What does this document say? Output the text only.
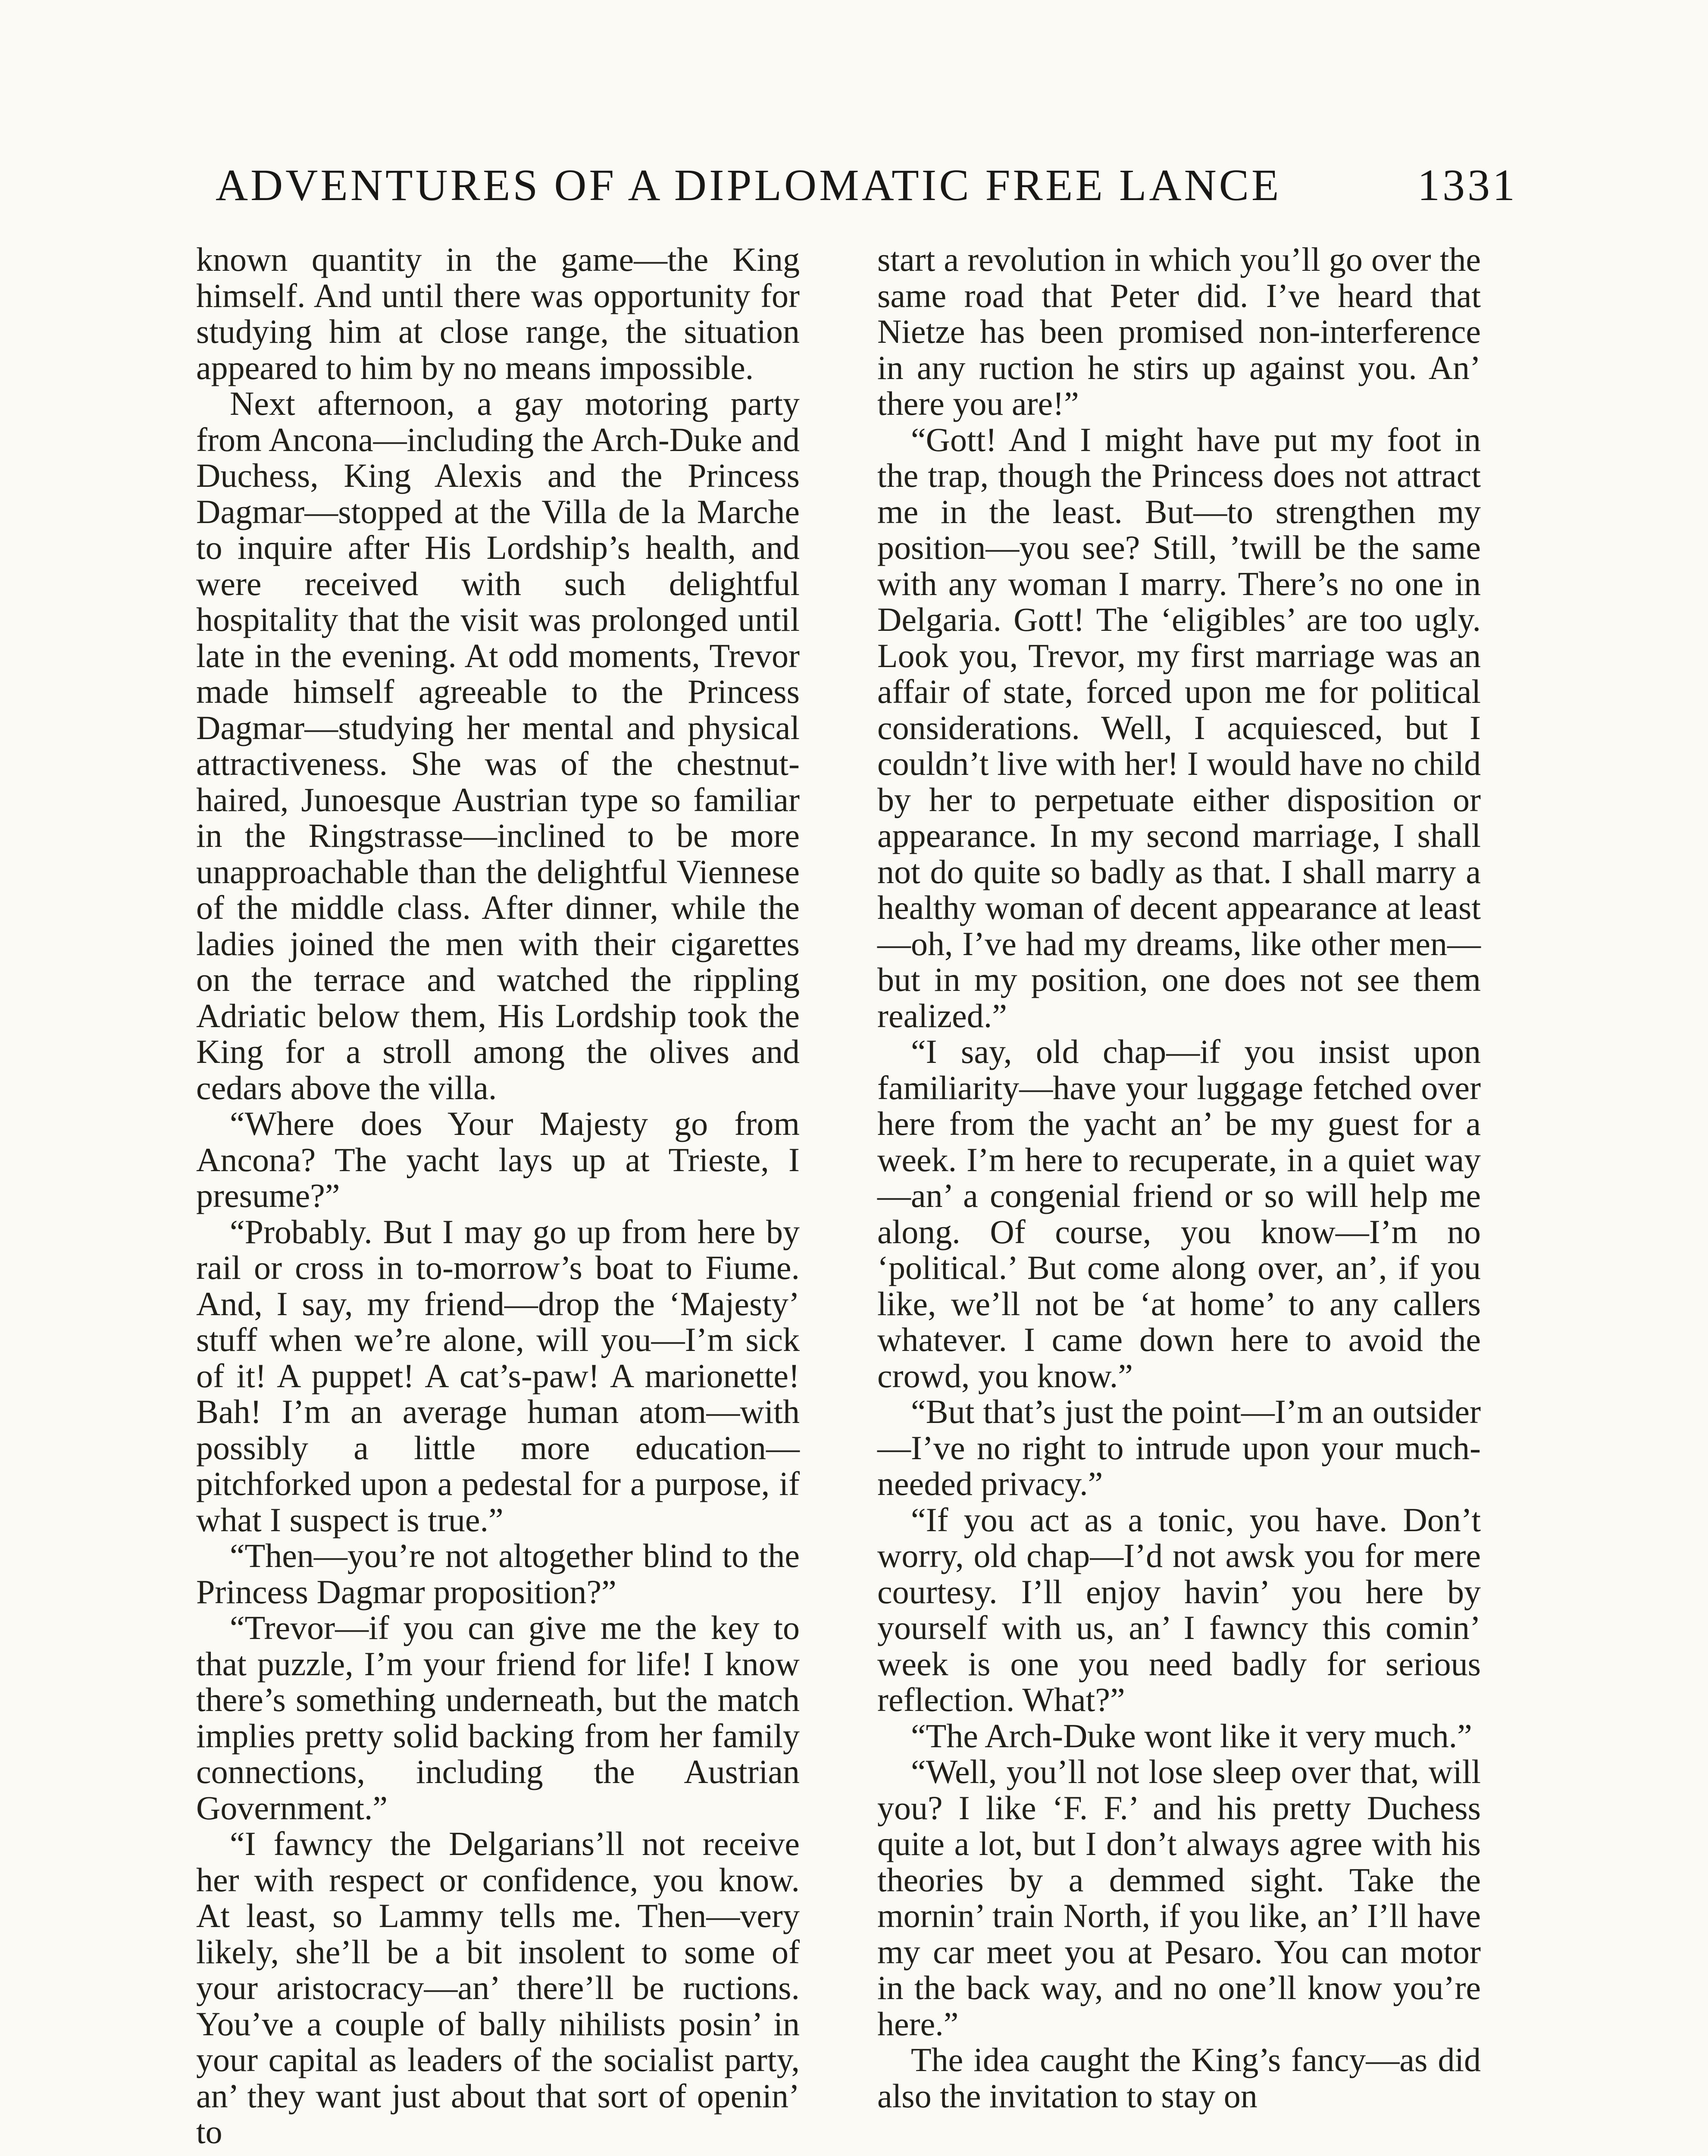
ADVENTURES OF A DIPLOMATIC FREE LANCE	1331

known quantity in the game—the King himself. And until there was opportunity for studying him at close range, the situation appeared to him by no means impossible.

Next afternoon, a gay motoring party from Ancona—including the Arch-Duke and Duchess, King Alexis and the Princess Dagmar—stopped at the Villa de la Marche to inquire after His Lordship’s health, and were received with such delightful hospitality that the visit was prolonged until late in the evening. At odd moments, Trevor made himself agreeable to the Princess Dagmar—studying her mental and physical attractiveness. She was of the chestnut-haired, Junoesque Austrian type so familiar in the Ringstrasse—inclined to be more unapproachable than the delightful Viennese of the middle class. After dinner, while the ladies joined the men with their cigarettes on the terrace and watched the rippling Adriatic below them, His Lordship took the King for a stroll among the olives and cedars above the villa.

“Where does Your Majesty go from Ancona? The yacht lays up at Trieste, I presume?”

“Probably. But I may go up from here by rail or cross in to-morrow’s boat to Fiume. And, I say, my friend—drop the ‘Majesty’ stuff when we’re alone, will you—I’m sick of it! A puppet! A cat’s-paw! A marionette! Bah! I’m an average human atom—with possibly a little more education—pitchforked upon a pedestal for a purpose, if what I suspect is true.”

“Then—you’re not altogether blind to the Princess Dagmar proposition?”

“Trevor—if you can give me the key to that puzzle, I’m your friend for life! I know there’s something underneath, but the match implies pretty solid backing from her family connections, including the Austrian Government.”

“I fawncy the Delgarians’ll not receive her with respect or confidence, you know. At least, so Lammy tells me. Then—very likely, she’ll be a bit insolent to some of your aristocracy—an’ there’ll be ructions. You’ve a couple of bally nihilists posin’ in your capital as leaders of the socialist party, an’ they want just about that sort of openin’ to

start a revolution in which you’ll go over the same road that Peter did. I’ve heard that Nietze has been promised non-interference in any ruction he stirs up against you. An’ there you are!”

“Gott! And I might have put my foot in the trap, though the Princess does not attract me in the least. But—to strengthen my position—you see? Still, ’twill be the same with any woman I marry. There’s no one in Delgaria. Gott! The ‘eligibles’ are too ugly. Look you, Trevor, my first marriage was an affair of state, forced upon me for political considerations. Well, I acquiesced, but I couldn’t live with her! I would have no child by her to perpetuate either disposition or appearance. In my second marriage, I shall not do quite so badly as that. I shall marry a healthy woman of decent appearance at least—oh, I’ve had my dreams, like other men—but in my position, one does not see them realized.”

“I say, old chap—if you insist upon familiarity—have your luggage fetched over here from the yacht an’ be my guest for a week. I’m here to recuperate, in a quiet way—an’ a congenial friend or so will help me along. Of course, you know—I’m no ‘political.’ But come along over, an’, if you like, we’ll not be ‘at home’ to any callers whatever. I came down here to avoid the crowd, you know.”

“But that’s just the point—I’m an outsider—I’ve no right to intrude upon your much-needed privacy.”

“If you act as a tonic, you have. Don’t worry, old chap—I’d not awsk you for mere courtesy. I’ll enjoy havin’ you here by yourself with us, an’ I fawncy this comin’ week is one you need badly for serious reflection. What?”

“The Arch-Duke wont like it very much.”

“Well, you’ll not lose sleep over that, will you? I like ‘F. F.’ and his pretty Duchess quite a lot, but I don’t always agree with his theories by a demmed sight. Take the mornin’ train North, if you like, an’ I’ll have my car meet you at Pesaro. You can motor in the back way, and no one’ll know you’re here.”

The idea caught the King’s fancy—as did also the invitation to stay on
